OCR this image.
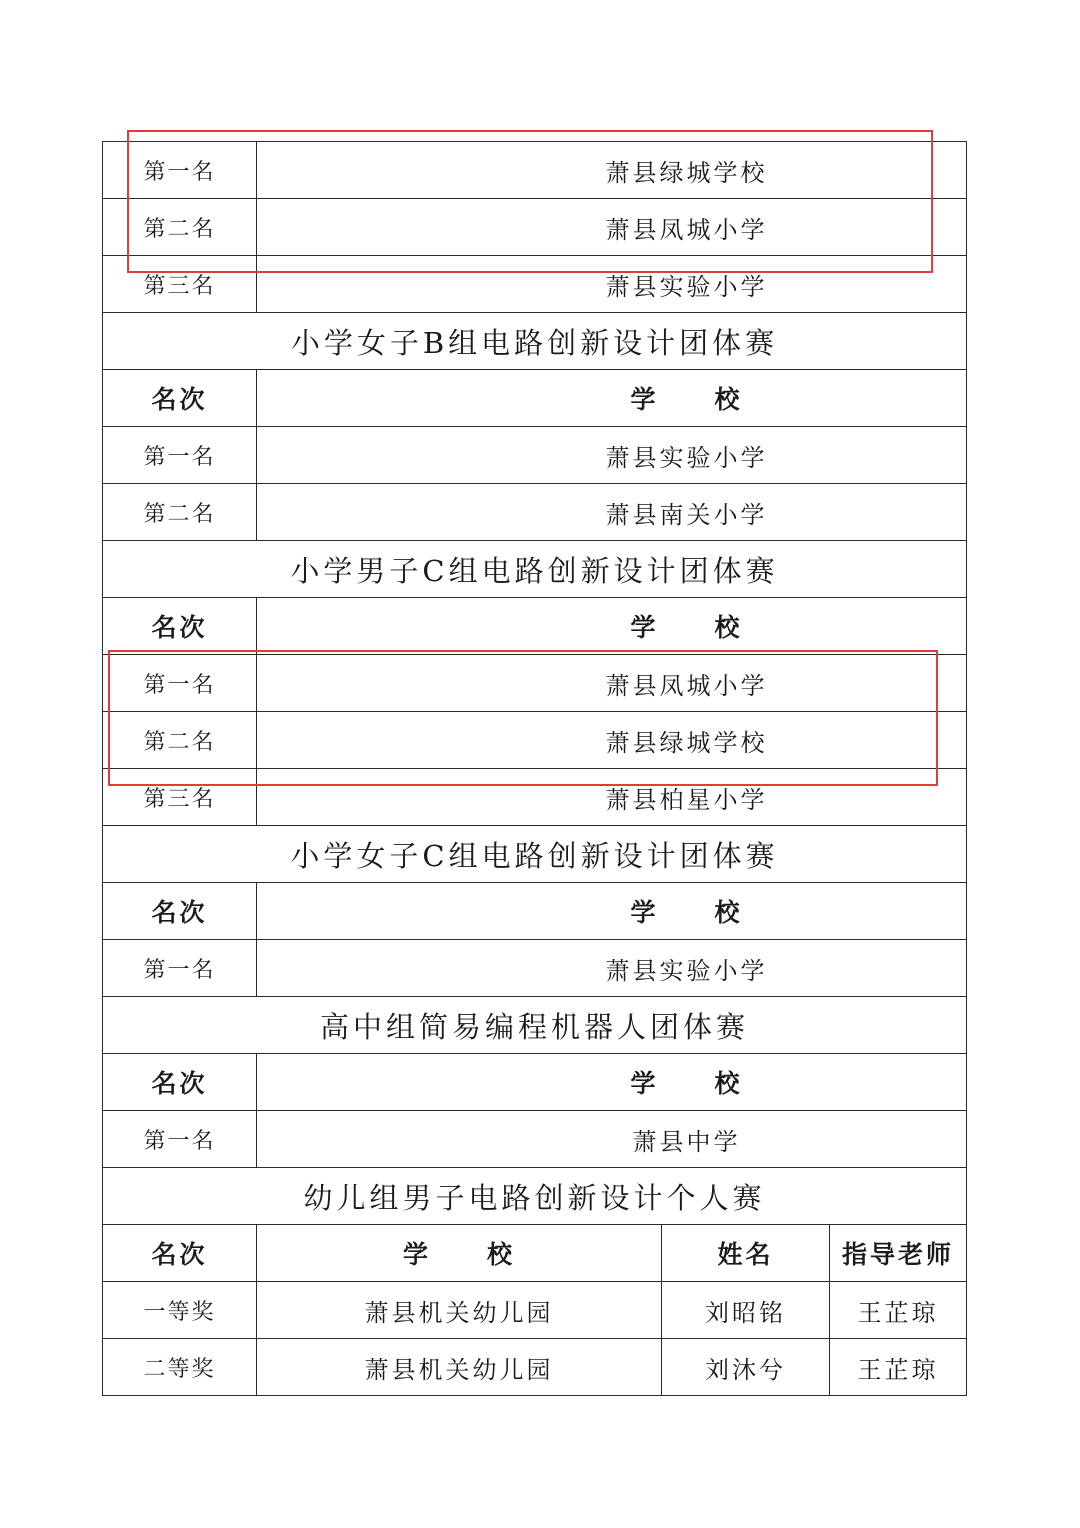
第一名	萧县绿城学校		
第二名	萧县凤城小学		
第三名	萧县实验小学		
小学女子B组电路创新设计团体赛			
名次	学　　校		
第一名	萧县实验小学		
第二名	萧县南关小学		
小学男子C组电路创新设计团体赛			
名次	学　　校		
第一名	萧县凤城小学		
第二名	萧县绿城学校		
第三名	萧县柏星小学		
小学女子C组电路创新设计团体赛			
名次	学　　校		
第一名	萧县实验小学		
高中组简易编程机器人团体赛			
名次	学　　校		
第一名	萧县中学		
幼儿组男子电路创新设计个人赛			
名次	学　　校	姓名	指导老师
一等奖	萧县机关幼儿园	刘昭铭	王芷琼
二等奖	萧县机关幼儿园	刘沐兮	王芷琼
